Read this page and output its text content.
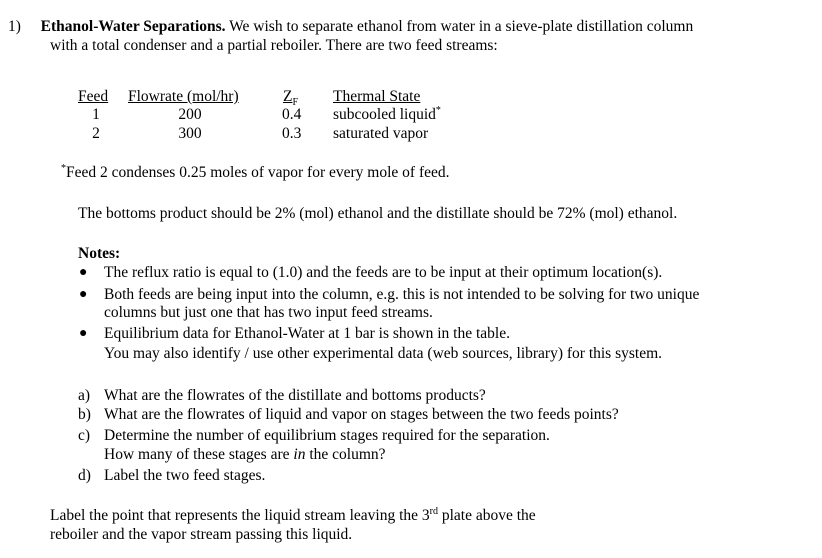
1) Ethanol-Water Separations. We wish to separate ethanol from water in a sieve-plate distillation column
with a total condenser and a partial reboiler. There are two feed streams:
Feed Flowrate (mol/hr)	$Z_F$ Thermal State
1	200	0.4 subcooled liquid*
2	300	0.3 saturated vapor
*Feed 2 condenses 0.25 moles of vapor for every mole of feed.
The bottoms product should be 2% (mol) ethanol and the distillate should be 72% (mol) ethanol.
Notes:
● The reflux ratio is equal to (1.0) and the feeds are to be input at their optimum location(s).
● Both feeds are being input into the column, e.g. this is not intended to be solving for two unique
columns but just one that has two input feed streams.
● Equilibrium data for Ethanol-Water at 1 bar is shown in the table.
You may also identify / use other experimental data (web sources, library) for this system.
a) What are the flowrates of the distillate and bottoms products?
b) What are the flowrates of liquid and vapor on stages between the two feeds points?
c) Determine the number of equilibrium stages required for the separation.
How many of these stages are in the column?
d) Label the two feed stages.
Label the point that represents the liquid stream leaving the 3rd plate above the
reboiler and the vapor stream passing this liquid.
